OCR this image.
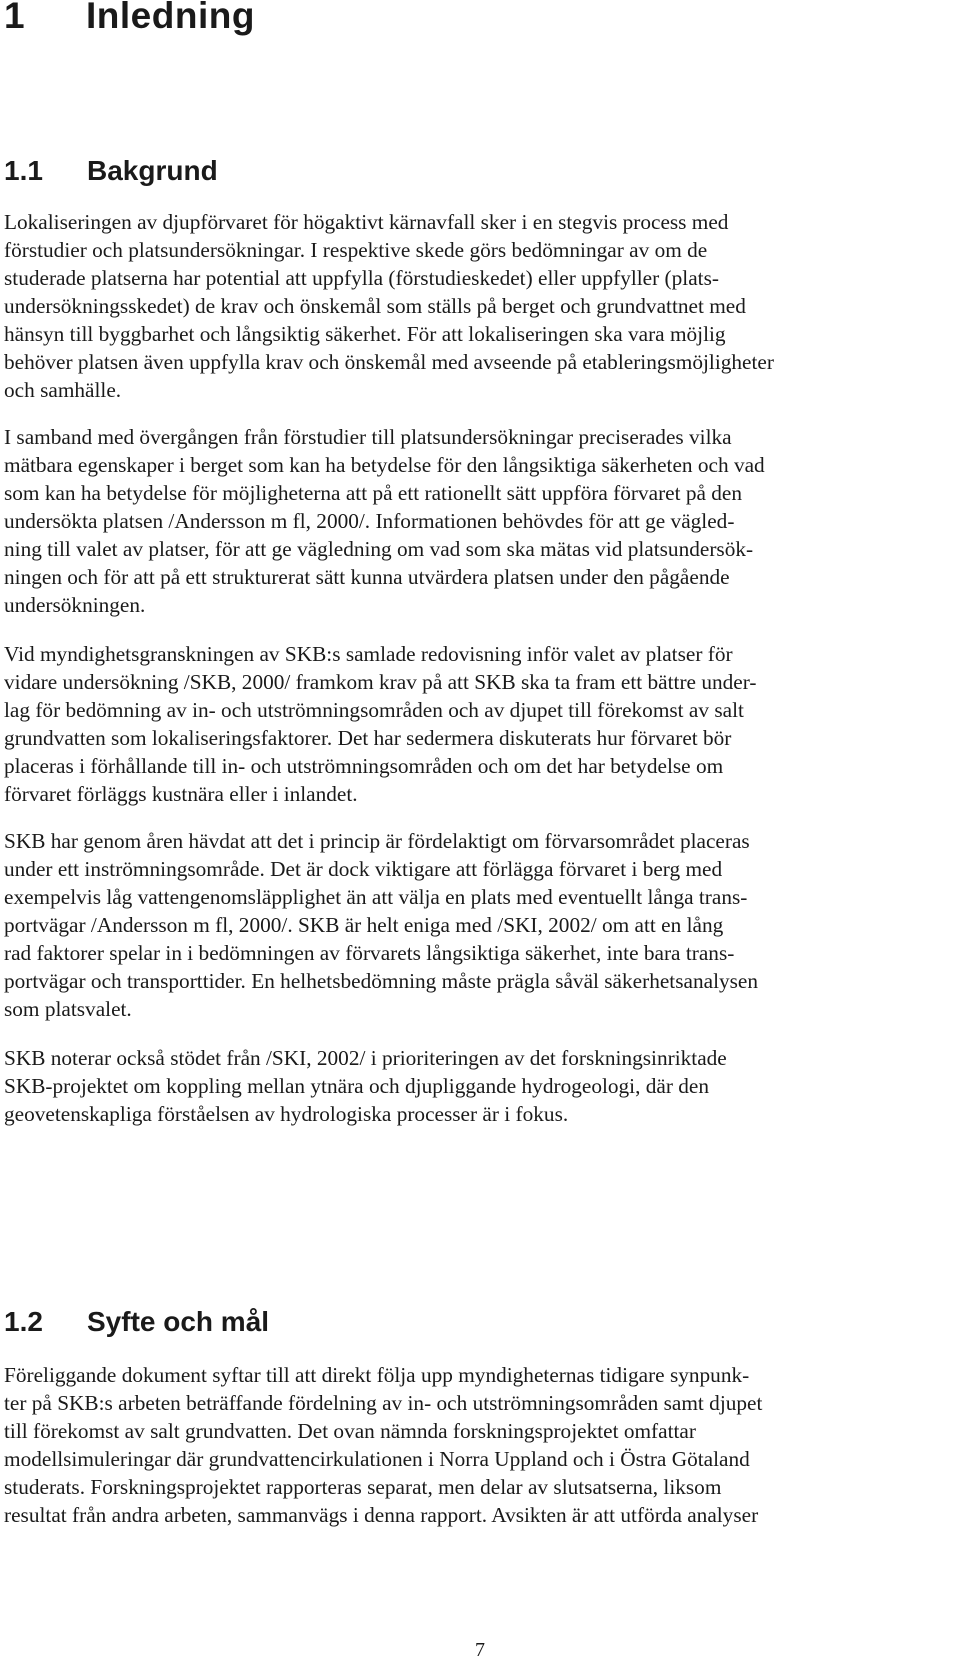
1 Inledning
1.1 Bakgrund
Lokaliseringen av djupförvaret för högaktivt kärnavfall sker i en stegvis process med
förstudier och platsundersökningar. I respektive skede görs bedömningar av om de
studerade platserna har potential att uppfylla (förstudieskedet) eller uppfyller (plats-
undersökningsskedet) de krav och önskemål som ställs på berget och grundvattnet med
hänsyn till byggbarhet och långsiktig säkerhet. För att lokaliseringen ska vara möjlig
behöver platsen även uppfylla krav och önskemål med avseende på etableringsmöjligheter
och samhälle.
I samband med övergången från förstudier till platsundersökningar preciserades vilka
mätbara egenskaper i berget som kan ha betydelse för den långsiktiga säkerheten och vad
som kan ha betydelse för möjligheterna att på ett rationellt sätt uppföra förvaret på den
undersökta platsen /Andersson m fl, 2000/. Informationen behövdes för att ge vägled-
ning till valet av platser, för att ge vägledning om vad som ska mätas vid platsundersök-
ningen och för att på ett strukturerat sätt kunna utvärdera platsen under den pågående
undersökningen.
Vid myndighetsgranskningen av SKB:s samlade redovisning inför valet av platser för
vidare undersökning /SKB, 2000/ framkom krav på att SKB ska ta fram ett bättre under-
lag för bedömning av in- och utströmningsområden och av djupet till förekomst av salt
grundvatten som lokaliseringsfaktorer. Det har sedermera diskuterats hur förvaret bör
placeras i förhållande till in- och utströmningsområden och om det har betydelse om
förvaret förläggs kustnära eller i inlandet.
SKB har genom åren hävdat att det i princip är fördelaktigt om förvarsområdet placeras
under ett inströmningsområde. Det är dock viktigare att förlägga förvaret i berg med
exempelvis låg vattengenomsläpplighet än att välja en plats med eventuellt långa trans-
portvägar /Andersson m fl, 2000/. SKB är helt eniga med /SKI, 2002/ om att en lång
rad faktorer spelar in i bedömningen av förvarets långsiktiga säkerhet, inte bara trans-
portvägar och transporttider. En helhetsbedömning måste prägla såväl säkerhetsanalysen
som platsvalet.
SKB noterar också stödet från /SKI, 2002/ i prioriteringen av det forskningsinriktade
SKB-projektet om koppling mellan ytnära och djupliggande hydrogeologi, där den
geovetenskapliga förståelsen av hydrologiska processer är i fokus.
1.2 Syfte och mål
Föreliggande dokument syftar till att direkt följa upp myndigheternas tidigare synpunk-
ter på SKB:s arbeten beträffande fördelning av in- och utströmningsområden samt djupet
till förekomst av salt grundvatten. Det ovan nämnda forskningsprojektet omfattar
modellsimuleringar där grundvattencirkulationen i Norra Uppland och i Östra Götaland
studerats. Forskningsprojektet rapporteras separat, men delar av slutsatserna, liksom
resultat från andra arbeten, sammanvägs i denna rapport. Avsikten är att utförda analyser
7
